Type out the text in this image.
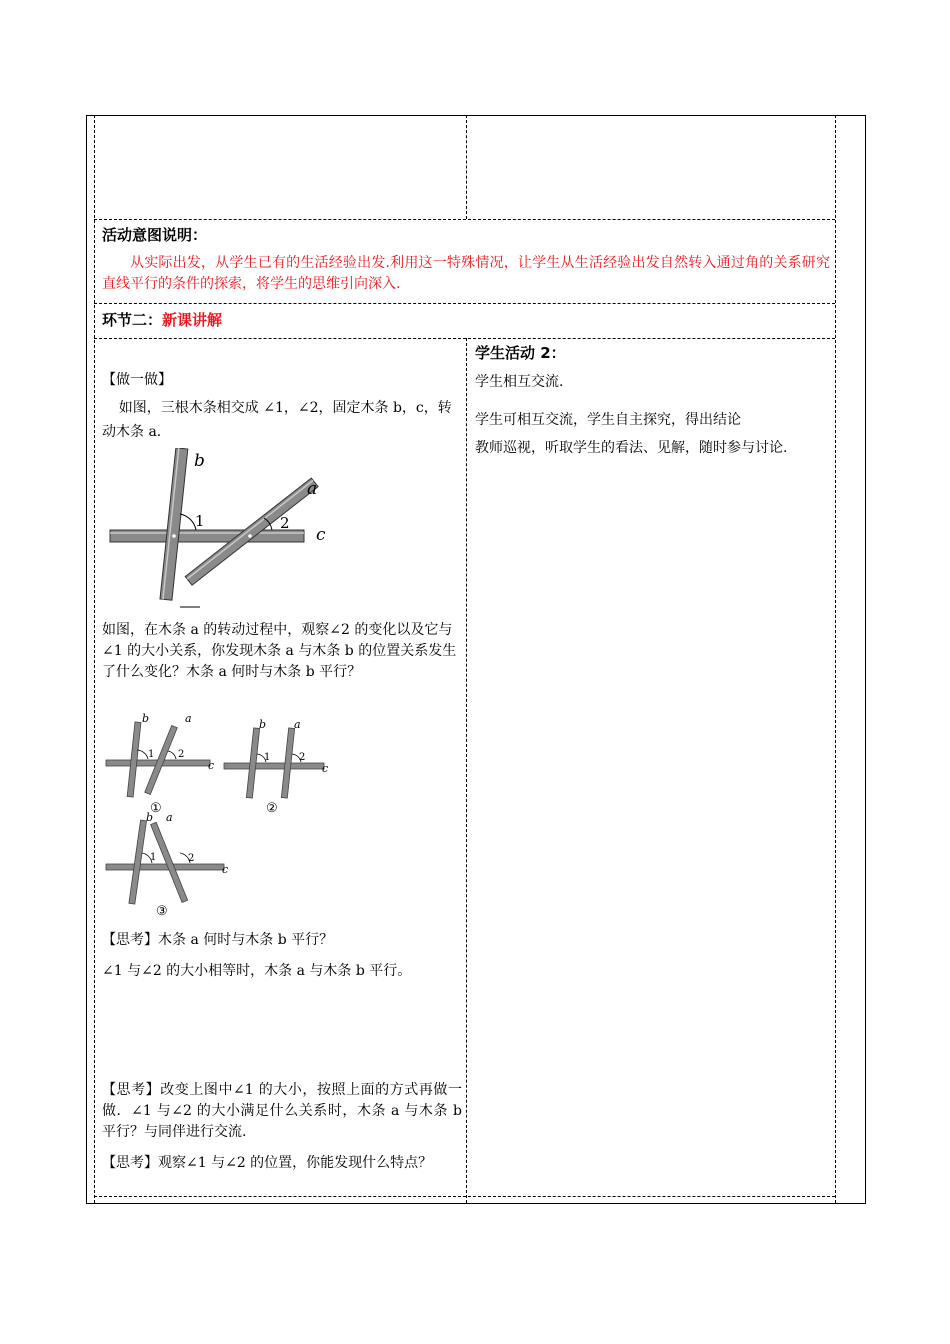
活动意图说明：
从实际出发，从学生已有的生活经验出发.利用这一特殊情况，让学生从生活经验出发自然转入通过角的关系研究直线平行的条件的探索，将学生的思维引向深入.
环节二：新课讲解
【做一做】
如图，三根木条相交成 ∠1，∠2，固定木条 b，c，转动木条 a.
b
a
c
1	2
如图，在木条 a 的转动过程中，观察∠2 的变化以及它与∠1 的大小关系，你发现木条 a 与木条 b 的位置关系发生了什么变化？木条 a 何时与木条 b 平行？
b	a
c
1 2
①
b	a
c
1	2
②
b a
c
1	2
③
【思考】木条 a 何时与木条 b 平行？
∠1 与∠2 的大小相等时，木条 a 与木条 b 平行。
【思考】改变上图中∠1 的大小，按照上面的方式再做一做．∠1 与∠2 的大小满足什么关系时，木条 a 与木条 b 平行？与同伴进行交流.
【思考】观察∠1 与∠2 的位置，你能发现什么特点？
学生活动 2：
学生相互交流.
学生可相互交流，学生自主探究，得出结论
教师巡视，听取学生的看法、见解，随时参与讨论.
